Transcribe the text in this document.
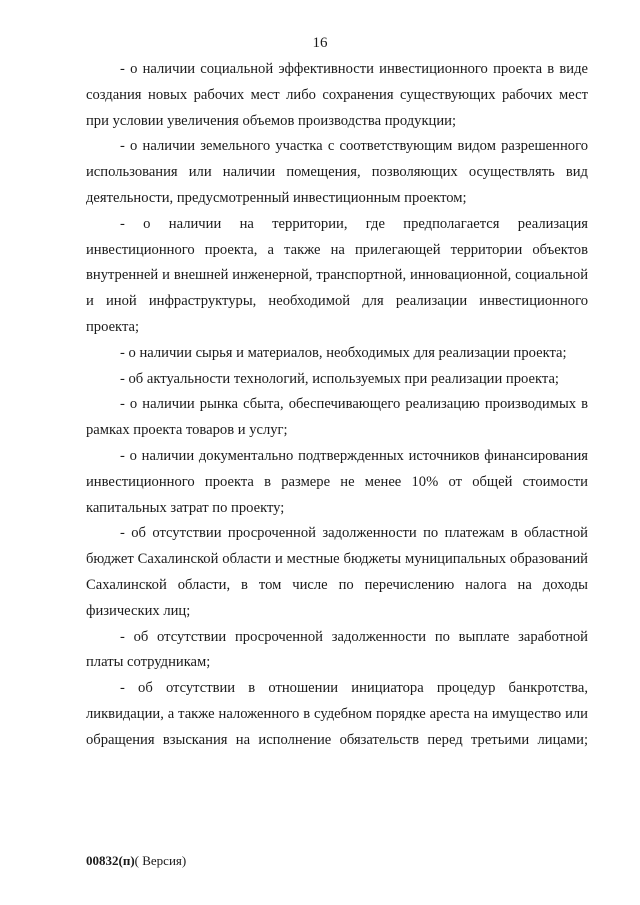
16

- о наличии социальной эффективности инвестиционного проекта в виде создания новых рабочих мест либо сохранения существующих рабочих мест при условии увеличения объемов производства продукции;

- о наличии земельного участка с соответствующим видом разрешенного использования или наличии помещения, позволяющих осуществлять вид деятельности, предусмотренный инвестиционным проектом;

- о наличии на территории, где предполагается реализация инвестиционного проекта, а также на прилегающей территории объектов внутренней и внешней инженерной, транспортной, инновационной, социальной и иной инфраструктуры, необходимой для реализации инвестиционного проекта;

- о наличии сырья и материалов, необходимых для реализации проекта;

- об актуальности технологий, используемых при реализации проекта;

- о наличии рынка сбыта, обеспечивающего реализацию производимых в рамках проекта товаров и услуг;

- о наличии документально подтвержденных источников финансирования инвестиционного проекта в размере не менее 10% от общей стоимости капитальных затрат по проекту;

- об отсутствии просроченной задолженности по платежам в областной бюджет Сахалинской области и местные бюджеты муниципальных образований Сахалинской области, в том числе по перечислению налога на доходы физических лиц;

- об отсутствии просроченной задолженности по выплате заработной платы сотрудникам;

- об отсутствии в отношении инициатора процедур банкротства, ликвидации, а также наложенного в судебном порядке ареста на имущество или обращения взыскания на исполнение обязательств перед третьими лицами;

00832(п)( Версия)
